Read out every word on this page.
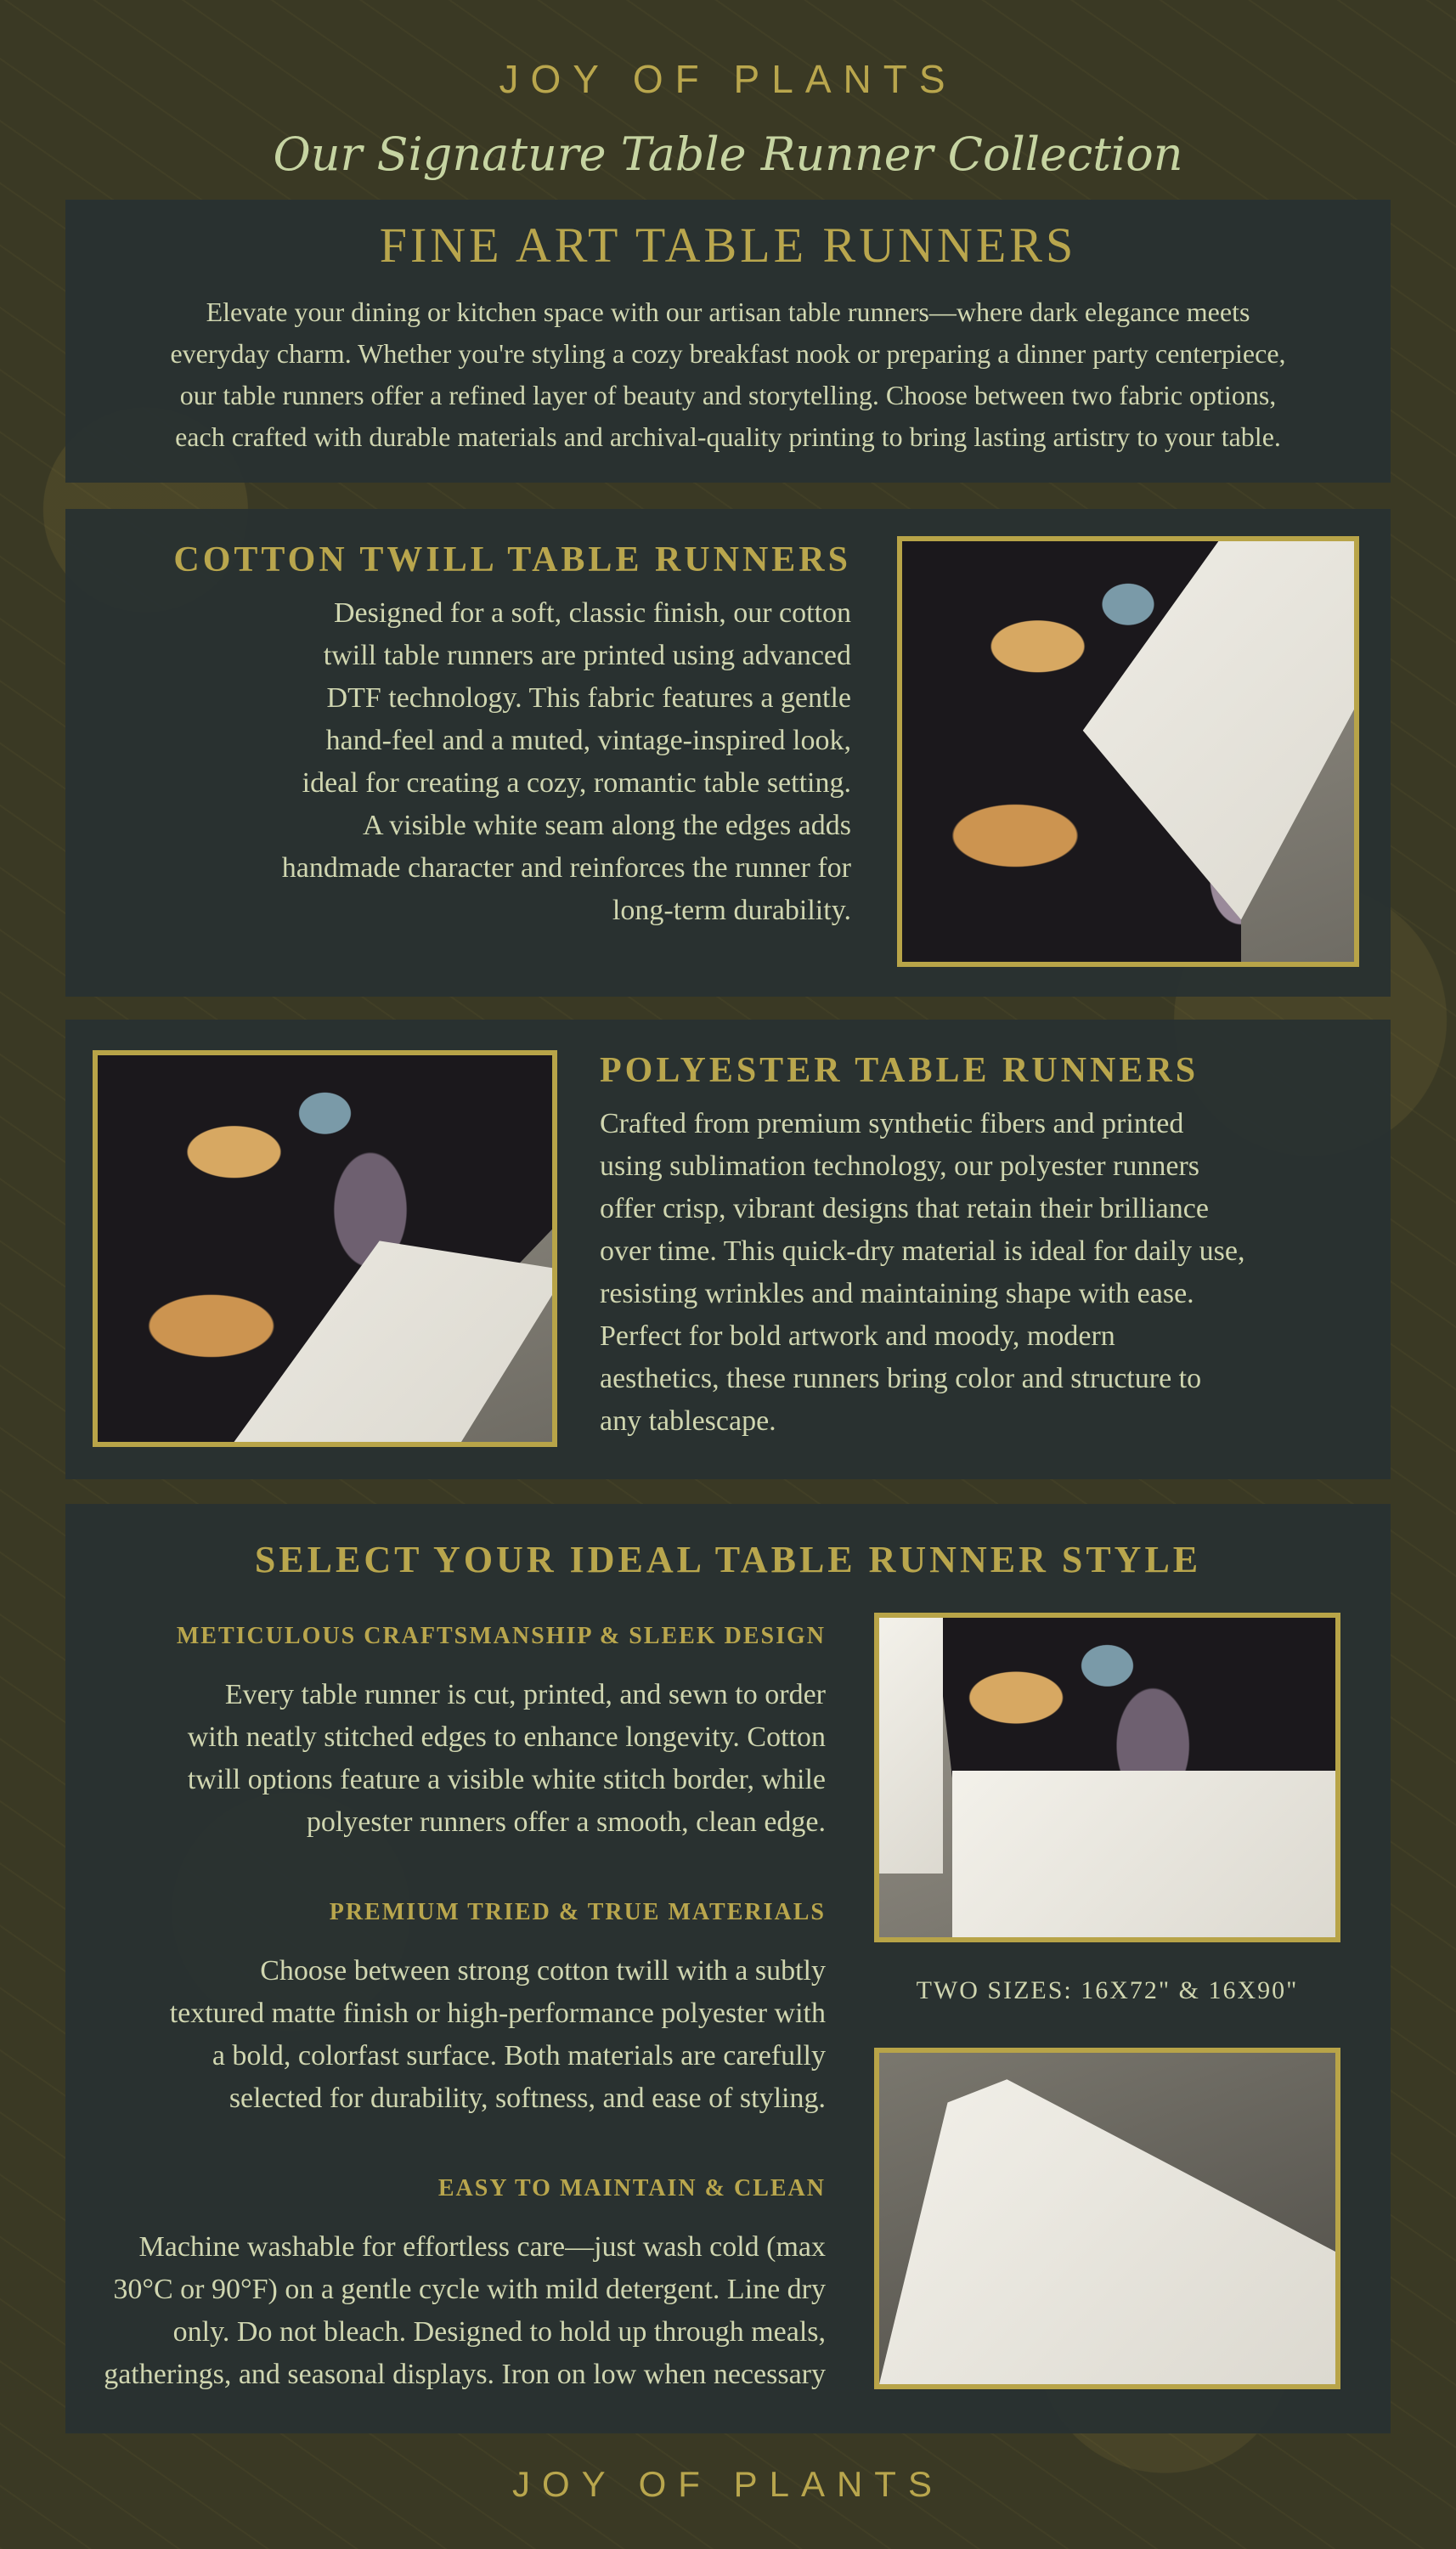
JOY OF PLANTS
Our Signature Table Runner Collection
FINE ART TABLE RUNNERS
Elevate your dining or kitchen space with our artisan table runners—where dark elegance meets
everyday charm. Whether you're styling a cozy breakfast nook or preparing a dinner party centerpiece,
our table runners offer a refined layer of beauty and storytelling. Choose between two fabric options,
each crafted with durable materials and archival-quality printing to bring lasting artistry to your table.
COTTON TWILL TABLE RUNNERS
Designed for a soft, classic finish, our cotton
twill table runners are printed using advanced
DTF technology. This fabric features a gentle
hand-feel and a muted, vintage-inspired look,
ideal for creating a cozy, romantic table setting.
A visible white seam along the edges adds
handmade character and reinforces the runner for
long-term durability.
POLYESTER TABLE RUNNERS
Crafted from premium synthetic fibers and printed
using sublimation technology, our polyester runners
offer crisp, vibrant designs that retain their brilliance
over time. This quick-dry material is ideal for daily use,
resisting wrinkles and maintaining shape with ease.
Perfect for bold artwork and moody, modern
aesthetics, these runners bring color and structure to
any tablescape.
SELECT YOUR IDEAL TABLE RUNNER STYLE
METICULOUS CRAFTSMANSHIP & SLEEK DESIGN
Every table runner is cut, printed, and sewn to order
with neatly stitched edges to enhance longevity. Cotton
twill options feature a visible white stitch border, while
polyester runners offer a smooth, clean edge.
PREMIUM TRIED & TRUE MATERIALS
Choose between strong cotton twill with a subtly
textured matte finish or high-performance polyester with
a bold, colorfast surface. Both materials are carefully
selected for durability, softness, and ease of styling.
EASY TO MAINTAIN & CLEAN
Machine washable for effortless care—just wash cold (max
30°C or 90°F) on a gentle cycle with mild detergent. Line dry
only. Do not bleach. Designed to hold up through meals,
gatherings, and seasonal displays. Iron on low when necessary
TWO SIZES: 16X72" & 16X90"
JOY OF PLANTS
